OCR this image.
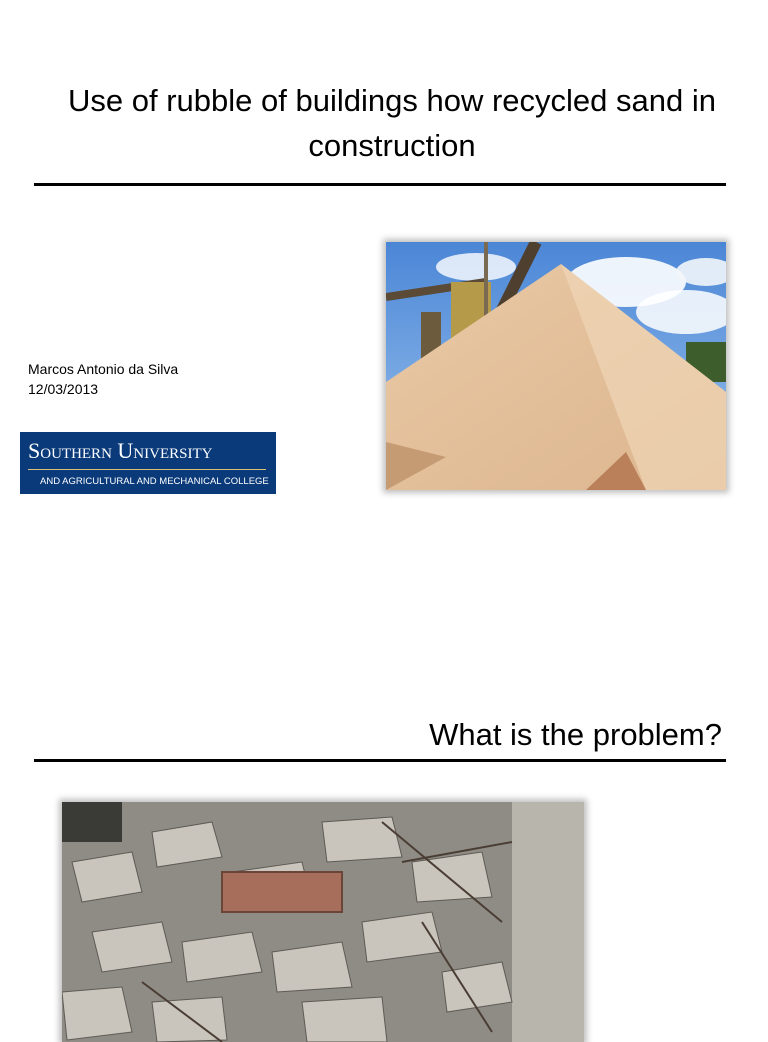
Use of rubble of buildings how recycled sand in construction
Marcos Antonio da Silva
12/03/2013
Southern University
AND AGRICULTURAL AND MECHANICAL COLLEGE
What is the problem?
